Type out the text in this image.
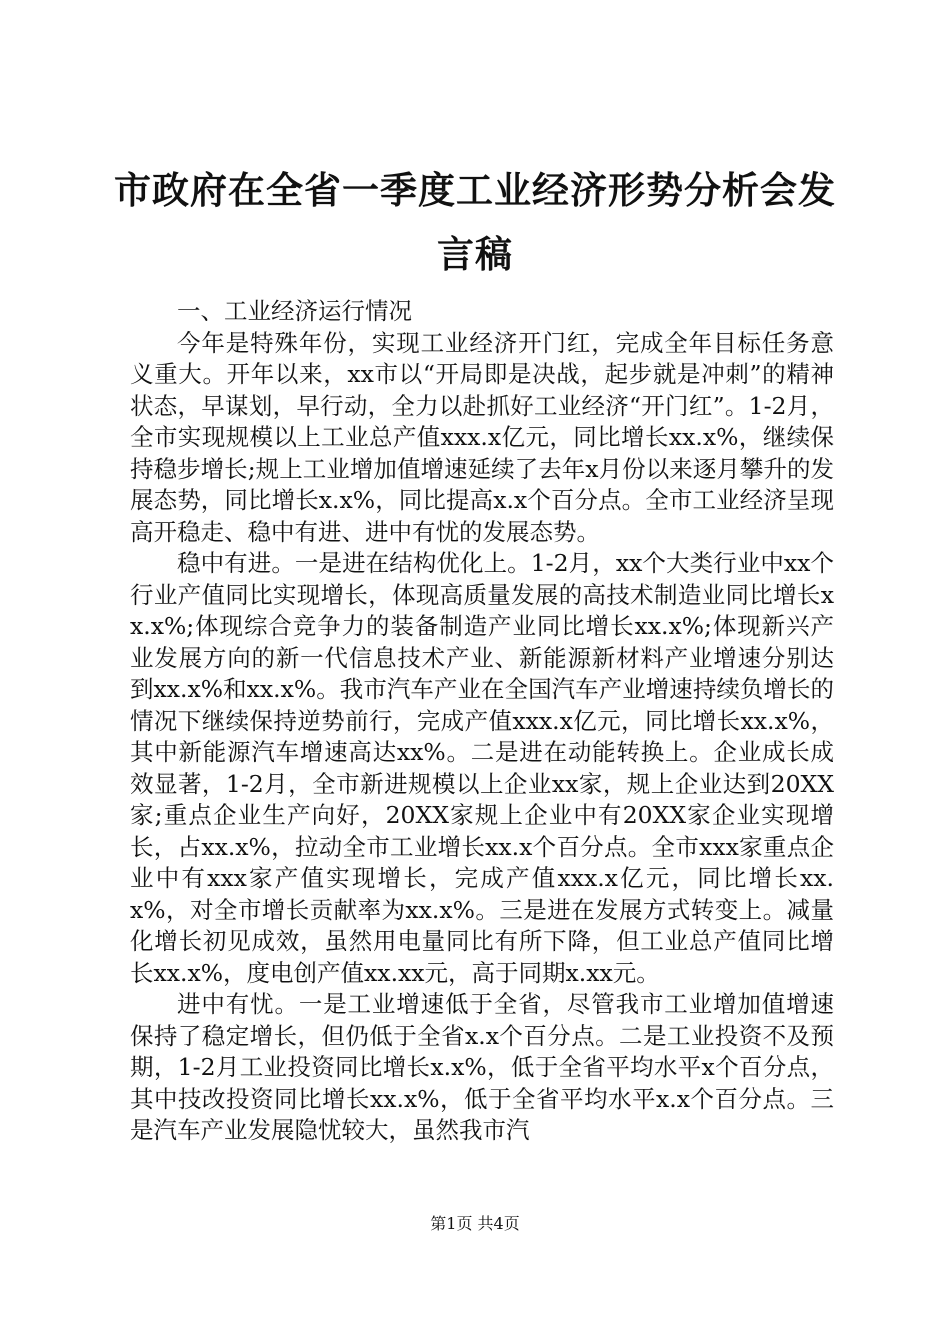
市政府在全省一季度工业经济形势分析会发言稿

一、工业经济运行情况

今年是特殊年份，实现工业经济开门红，完成全年目标任务意义重大。开年以来，xx市以“开局即是决战，起步就是冲刺”的精神状态，早谋划，早行动，全力以赴抓好工业经济“开门红”。1-2月，全市实现规模以上工业总产值xxx.x亿元，同比增长xx.x%，继续保持稳步增长;规上工业增加值增速延续了去年x月份以来逐月攀升的发展态势，同比增长x.x%，同比提高x.x个百分点。全市工业经济呈现高开稳走、稳中有进、进中有忧的发展态势。

稳中有进。一是进在结构优化上。1-2月，xx个大类行业中xx个行业产值同比实现增长，体现高质量发展的高技术制造业同比增长xx.x%;体现综合竞争力的装备制造产业同比增长xx.x%;体现新兴产业发展方向的新一代信息技术产业、新能源新材料产业增速分别达到xx.x%和xx.x%。我市汽车产业在全国汽车产业增速持续负增长的情况下继续保持逆势前行，完成产值xxx.x亿元，同比增长xx.x%，其中新能源汽车增速高达xx%。二是进在动能转换上。企业成长成效显著，1-2月，全市新进规模以上企业xx家，规上企业达到20XX家;重点企业生产向好，20XX家规上企业中有20XX家企业实现增长，占xx.x%，拉动全市工业增长xx.x个百分点。全市xxx家重点企业中有xxx家产值实现增长，完成产值xxx.x亿元，同比增长xx.x%，对全市增长贡献率为xx.x%。三是进在发展方式转变上。减量化增长初见成效，虽然用电量同比有所下降，但工业总产值同比增长xx.x%，度电创产值xx.xx元，高于同期x.xx元。

进中有忧。一是工业增速低于全省，尽管我市工业增加值增速保持了稳定增长，但仍低于全省x.x个百分点。二是工业投资不及预期，1-2月工业投资同比增长x.x%，低于全省平均水平x个百分点，其中技改投资同比增长xx.x%，低于全省平均水平x.x个百分点。三是汽车产业发展隐忧较大，虽然我市汽

第1页 共4页
